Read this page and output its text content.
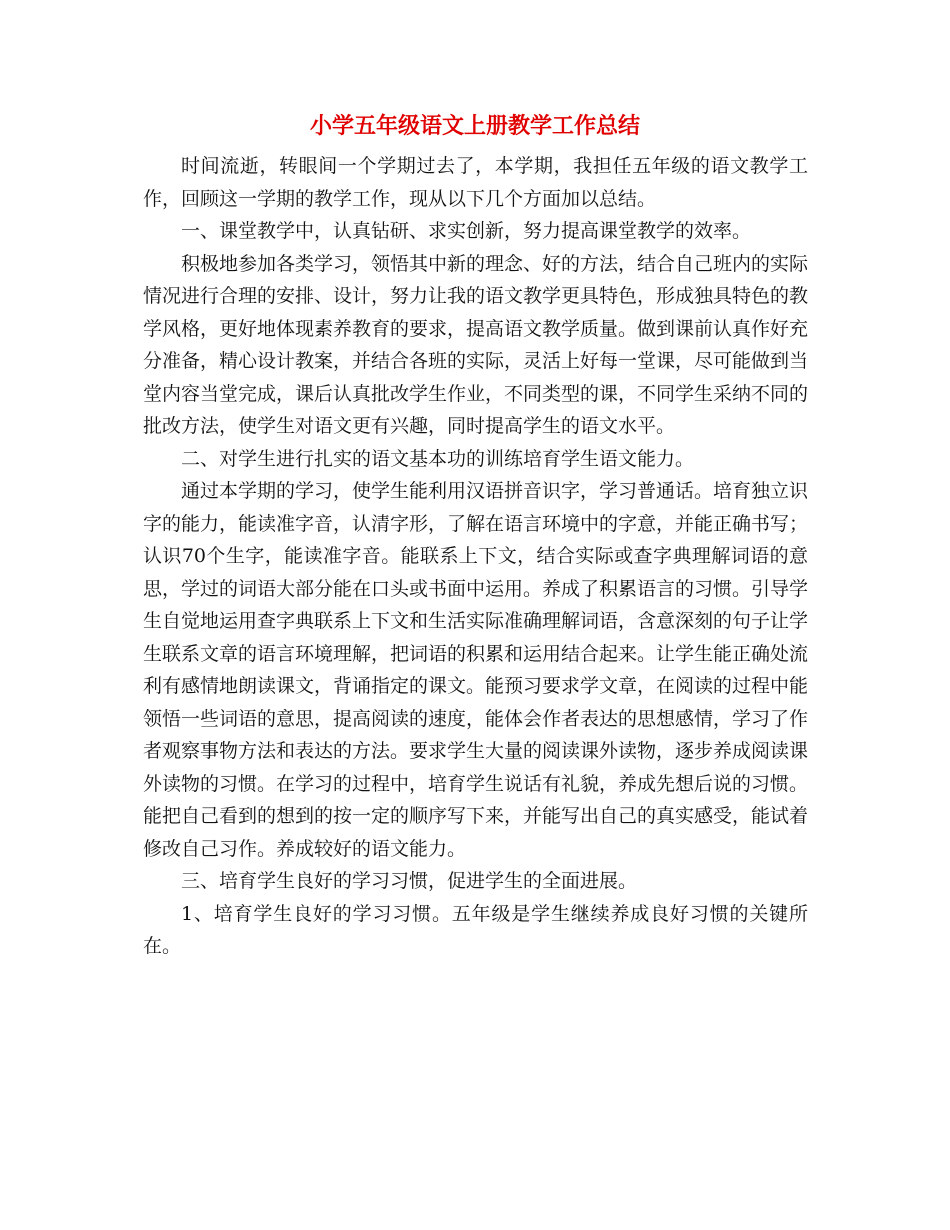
小学五年级语文上册教学工作总结

时间流逝，转眼间一个学期过去了，本学期，我担任五年级的语文教学工作，回顾这一学期的教学工作，现从以下几个方面加以总结。

一、课堂教学中，认真钻研、求实创新，努力提高课堂教学的效率。

积极地参加各类学习，领悟其中新的理念、好的方法，结合自己班内的实际情况进行合理的安排、设计，努力让我的语文教学更具特色，形成独具特色的教学风格，更好地体现素养教育的要求，提高语文教学质量。做到课前认真作好充分准备，精心设计教案，并结合各班的实际，灵活上好每一堂课，尽可能做到当堂内容当堂完成，课后认真批改学生作业，不同类型的课，不同学生采纳不同的批改方法，使学生对语文更有兴趣，同时提高学生的语文水平。

二、对学生进行扎实的语文基本功的训练培育学生语文能力。

通过本学期的学习，使学生能利用汉语拼音识字，学习普通话。培育独立识字的能力，能读准字音，认清字形，了解在语言环境中的字意，并能正确书写；认识70个生字，能读准字音。能联系上下文，结合实际或查字典理解词语的意思，学过的词语大部分能在口头或书面中运用。养成了积累语言的习惯。引导学生自觉地运用查字典联系上下文和生活实际准确理解词语，含意深刻的句子让学生联系文章的语言环境理解，把词语的积累和运用结合起来。让学生能正确处流利有感情地朗读课文，背诵指定的课文。能预习要求学文章，在阅读的过程中能领悟一些词语的意思，提高阅读的速度，能体会作者表达的思想感情，学习了作者观察事物方法和表达的方法。要求学生大量的阅读课外读物，逐步养成阅读课外读物的习惯。在学习的过程中，培育学生说话有礼貌，养成先想后说的习惯。能把自己看到的想到的按一定的顺序写下来，并能写出自己的真实感受，能试着修改自己习作。养成较好的语文能力。

三、培育学生良好的学习习惯，促进学生的全面进展。

1、培育学生良好的学习习惯。五年级是学生继续养成良好习惯的关键所在。
